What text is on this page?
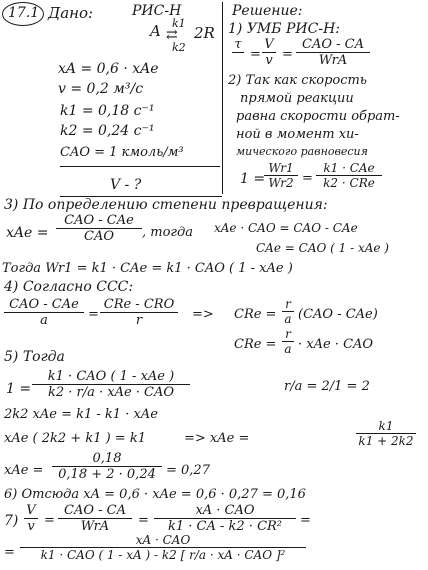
17.1 Дано:	РИС-Н
A k1
⇄
k2
2R
xA = 0,6 · xAe
v = 0,2 м³/с
k1 = 0,18 с⁻¹
k2 = 0,24 с⁻¹
CAO = 1 кмоль/м³
V - ?
Решение:
1) УМБ РИС-Н:
τ

=
V
v =
CAO - CA
WrA
2) Так как скорость
прямой реакции
равна скорости обрат-
ной в момент хи-
мического равновесия
1 =
Wr1
Wr2 =
k1 · CAe
k2 · CRe
3) По определению степени превращения:
xAe =
CAO - CAe
CAO	, тогда xAe · CAO = CAO - CAe
CAe = CAO ( 1 - xAe )
Тогда Wr1 = k1 · CAe = k1 · CAO ( 1 - xAe )
4) Согласно ССС:
CAO - CAe
a	=
CRe - CRO
r	=> CRe =
r
a (CAO - CAe)
CRe =
r
a · xAe · CAO
5) Тогда
1 =
k1 · CAO ( 1 - xAe )
k2 · r/a · xAe · CAO	r/a = 2/1 = 2
2k2 xAe = k1 - k1 · xAe
xAe ( 2k2 + k1 ) = k1	=> xAe =
k1
k1 + 2k2
xAe =
0,18
0,18 + 2 · 0,24 = 0,27
6) Отсюда xA = 0,6 · xAe = 0,6 · 0,27 = 0,16
7)
V
v =
CAO - CA
WrA	=
xA · CAO
k1 · CA - k2 · CR²	=
=
xA · CAO
k1 · CAO ( 1 - xA ) - k2 [ r/a · xA · CAO ]²
